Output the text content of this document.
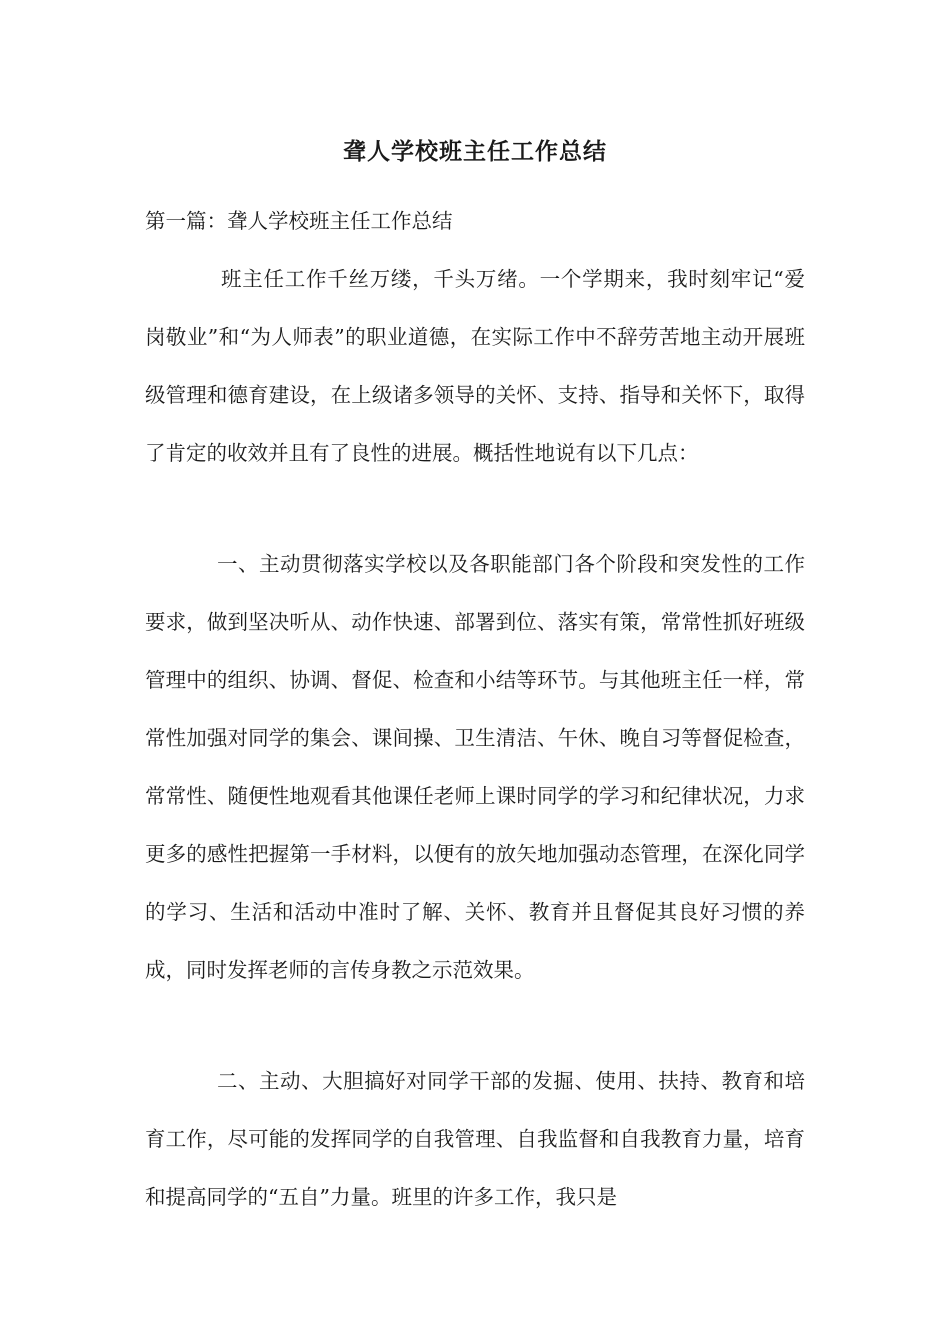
聋人学校班主任工作总结

第一篇：聋人学校班主任工作总结

班主任工作千丝万缕，千头万绪。一个学期来，我时刻牢记“爱岗敬业”和“为人师表”的职业道德，在实际工作中不辞劳苦地主动开展班级管理和德育建设，在上级诸多领导的关怀、支持、指导和关怀下，取得了肯定的收效并且有了良性的进展。概括性地说有以下几点：

一、主动贯彻落实学校以及各职能部门各个阶段和突发性的工作要求，做到坚决听从、动作快速、部署到位、落实有策，常常性抓好班级管理中的组织、协调、督促、检查和小结等环节。与其他班主任一样，常常性加强对同学的集会、课间操、卫生清洁、午休、晚自习等督促检查，常常性、随便性地观看其他课任老师上课时同学的学习和纪律状况，力求更多的感性把握第一手材料，以便有的放矢地加强动态管理，在深化同学的学习、生活和活动中准时了解、关怀、教育并且督促其良好习惯的养成，同时发挥老师的言传身教之示范效果。

二、主动、大胆搞好对同学干部的发掘、使用、扶持、教育和培育工作，尽可能的发挥同学的自我管理、自我监督和自我教育力量，培育和提高同学的“五自”力量。班里的许多工作，我只是
